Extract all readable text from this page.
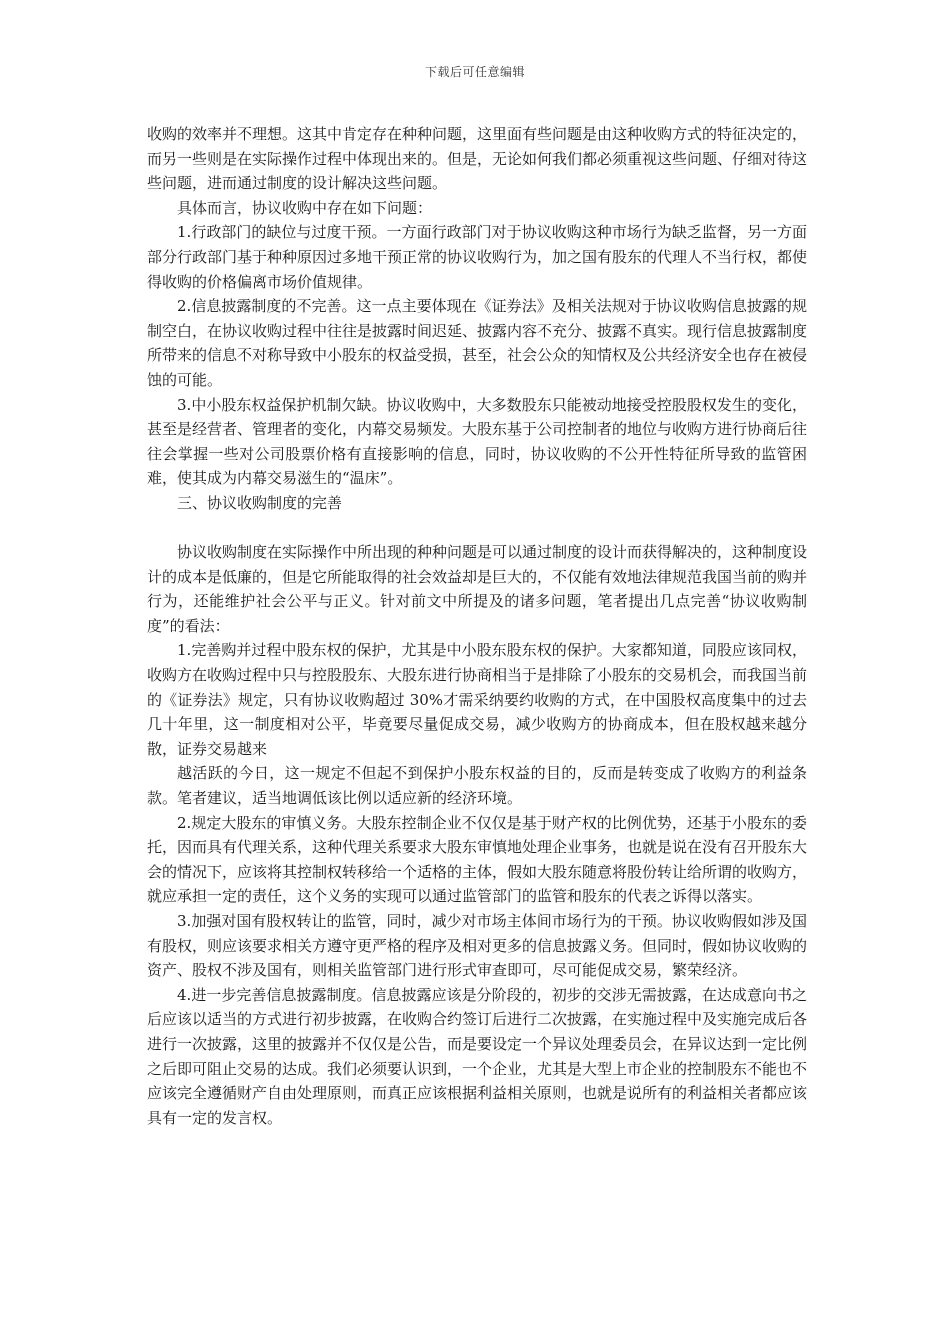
下载后可任意编辑

收购的效率并不理想。这其中肯定存在种种问题，这里面有些问题是由这种收购方式的特征决定的，而另一些则是在实际操作过程中体现出来的。但是，无论如何我们都必须重视这些问题、仔细对待这些问题，进而通过制度的设计解决这些问题。

具体而言，协议收购中存在如下问题：

1.行政部门的缺位与过度干预。一方面行政部门对于协议收购这种市场行为缺乏监督，另一方面部分行政部门基于种种原因过多地干预正常的协议收购行为，加之国有股东的代理人不当行权，都使得收购的价格偏离市场价值规律。

2.信息披露制度的不完善。这一点主要体现在《证券法》及相关法规对于协议收购信息披露的规制空白，在协议收购过程中往往是披露时间迟延、披露内容不充分、披露不真实。现行信息披露制度所带来的信息不对称导致中小股东的权益受损，甚至，社会公众的知情权及公共经济安全也存在被侵蚀的可能。

3.中小股东权益保护机制欠缺。协议收购中，大多数股东只能被动地接受控股股权发生的变化，甚至是经营者、管理者的变化，内幕交易频发。大股东基于公司控制者的地位与收购方进行协商后往往会掌握一些对公司股票价格有直接影响的信息，同时，协议收购的不公开性特征所导致的监管困难，使其成为内幕交易滋生的“温床”。

三、协议收购制度的完善

协议收购制度在实际操作中所出现的种种问题是可以通过制度的设计而获得解决的，这种制度设计的成本是低廉的，但是它所能取得的社会效益却是巨大的，不仅能有效地法律规范我国当前的购并行为，还能维护社会公平与正义。针对前文中所提及的诸多问题，笔者提出几点完善“协议收购制度”的看法：

1.完善购并过程中股东权的保护，尤其是中小股东股东权的保护。大家都知道，同股应该同权，收购方在收购过程中只与控股股东、大股东进行协商相当于是排除了小股东的交易机会，而我国当前的《证券法》规定，只有协议收购超过 30%才需采纳要约收购的方式，在中国股权高度集中的过去几十年里，这一制度相对公平，毕竟要尽量促成交易，减少收购方的协商成本，但在股权越来越分散，证券交易越来

越活跃的今日，这一规定不但起不到保护小股东权益的目的，反而是转变成了收购方的利益条款。笔者建议，适当地调低该比例以适应新的经济环境。

2.规定大股东的审慎义务。大股东控制企业不仅仅是基于财产权的比例优势，还基于小股东的委托，因而具有代理关系，这种代理关系要求大股东审慎地处理企业事务，也就是说在没有召开股东大会的情况下，应该将其控制权转移给一个适格的主体，假如大股东随意将股份转让给所谓的收购方，就应承担一定的责任，这个义务的实现可以通过监管部门的监管和股东的代表之诉得以落实。

3.加强对国有股权转让的监管，同时，减少对市场主体间市场行为的干预。协议收购假如涉及国有股权，则应该要求相关方遵守更严格的程序及相对更多的信息披露义务。但同时，假如协议收购的资产、股权不涉及国有，则相关监管部门进行形式审查即可，尽可能促成交易，繁荣经济。

4.进一步完善信息披露制度。信息披露应该是分阶段的，初步的交涉无需披露，在达成意向书之后应该以适当的方式进行初步披露，在收购合约签订后进行二次披露，在实施过程中及实施完成后各进行一次披露，这里的披露并不仅仅是公告，而是要设定一个异议处理委员会，在异议达到一定比例之后即可阻止交易的达成。我们必须要认识到，一个企业，尤其是大型上市企业的控制股东不能也不应该完全遵循财产自由处理原则，而真正应该根据利益相关原则，也就是说所有的利益相关者都应该具有一定的发言权。
